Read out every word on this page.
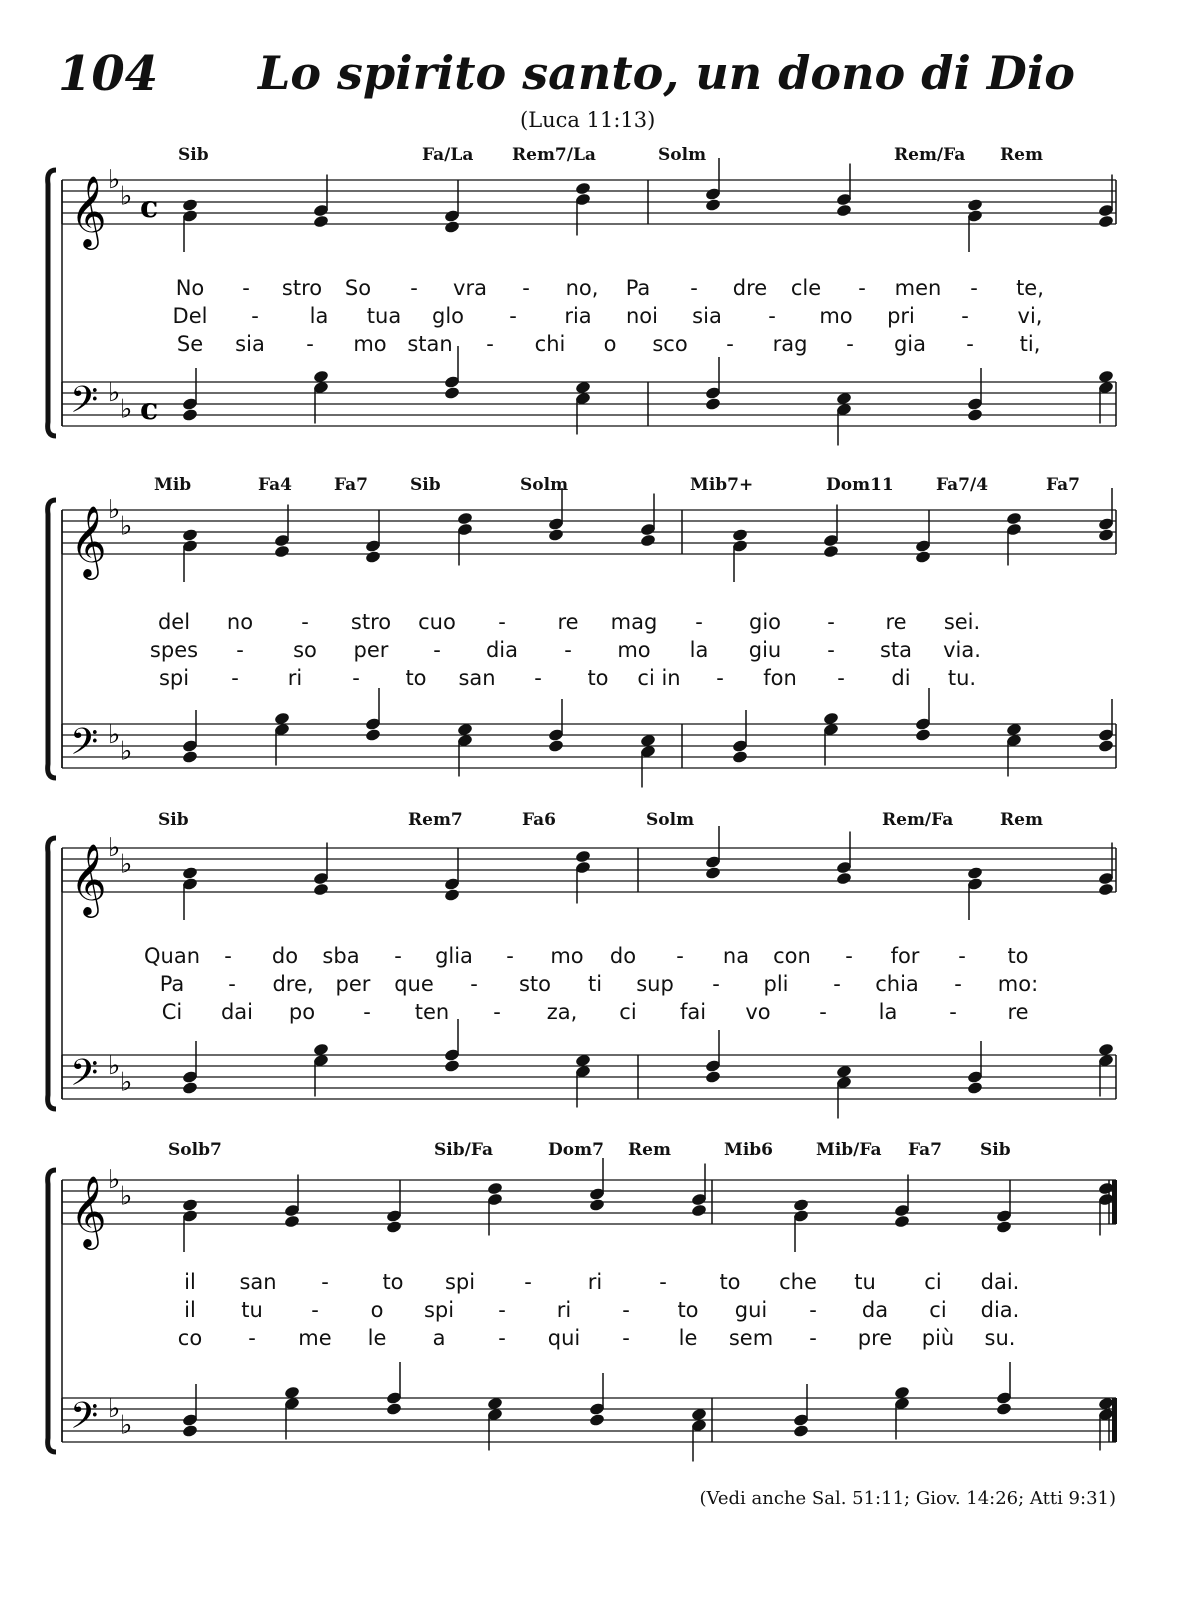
104 Lo spirito santo, un dono di Dio
(Luca 11:13)
(Vedi anche Sal. 51:11; Giov. 14:26; Atti 9:31)
𝄞 ♭
♭
𝄢 ♭
♭
c
c
𝄞 ♭
♭
𝄢 ♭
♭
𝄞 ♭
♭
𝄢 ♭
♭
𝄞 ♭
♭
𝄢 ♭
♭
Sib	Fa/La Rem7/La	Solm	Rem/Fa Rem
No - stro So - vra - no, Pa - dre cle - men - te,
Del - la tua glo - ria noi sia - mo pri - vi,
Se sia - mo stan - chi o sco - rag - gia - ti,
Mib	Fa4 Fa7 Sib	Solm	Mib7+	Dom11 Fa7/4	Fa7
del no - stro cuo - re mag - gio - re sei.
spes - so per - dia - mo la giu - sta via.
spi - ri - to san - to ci in - fon - di tu.
Sib	Rem7	Fa6	Solm	Rem/Fa	Rem
Quan - do sba - glia - mo do - na con - for - to
Pa - dre, per que - sto ti sup - pli - chia - mo:
Ci dai po - ten - za, ci fai vo - la - re
Solb7	Sib/Fa	Dom7 Rem	Mib6	Mib/Fa Fa7 Sib
il san -	to spi -	ri	-	to che tu ci dai.
il tu - o spi - ri - to gui - da ci dia.
co - me le a	- qui - le sem - pre più su.
